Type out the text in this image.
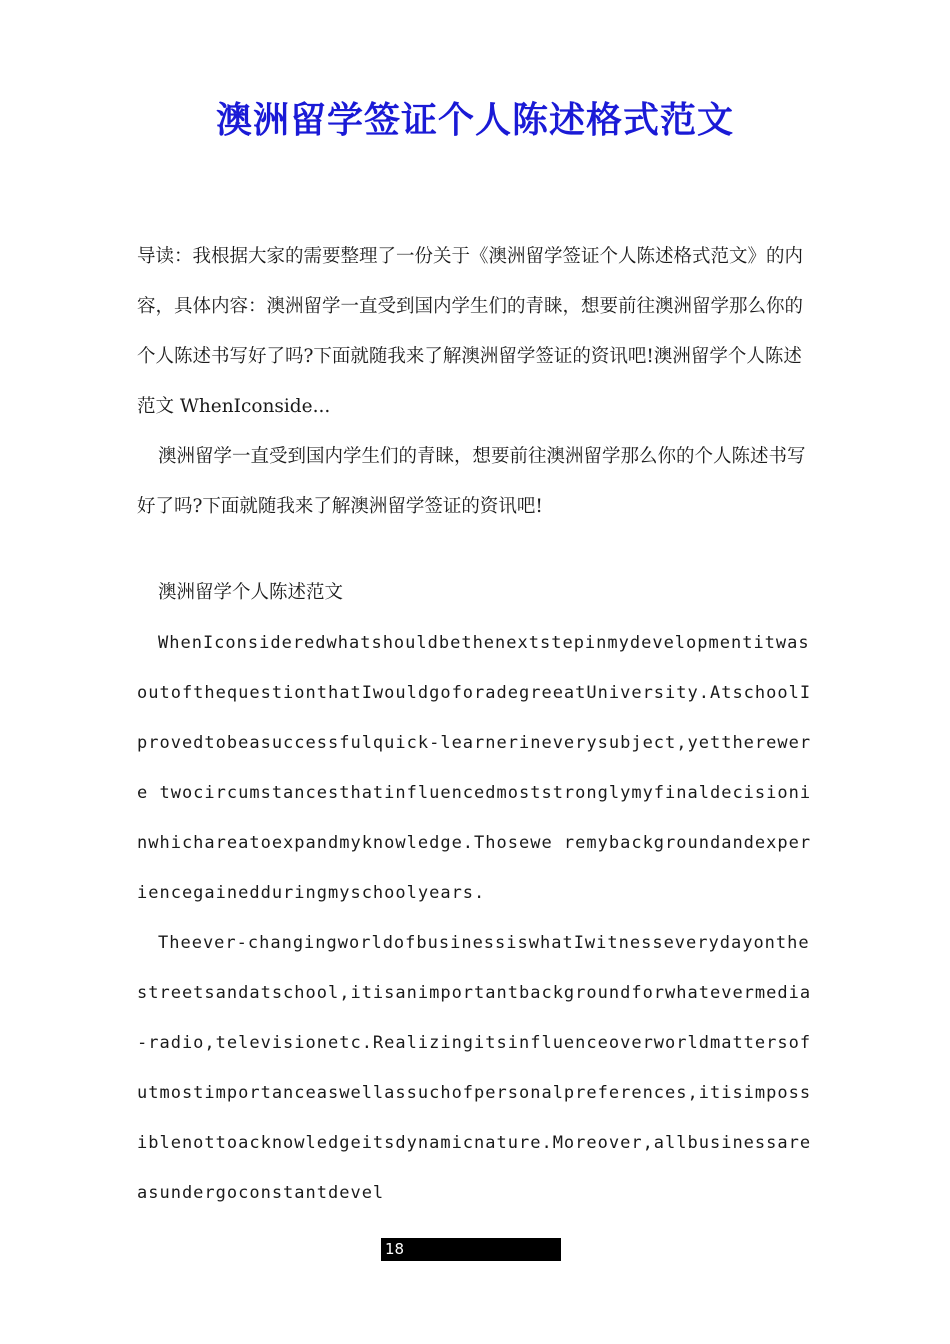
澳洲留学签证个人陈述格式范文

导读：我根据大家的需要整理了一份关于《澳洲留学签证个人陈述格式范文》的内容，具体内容：澳洲留学一直受到国内学生们的青睐，想要前往澳洲留学那么你的个人陈述书写好了吗?下面就随我来了解澳洲留学签证的资讯吧!澳洲留学个人陈述范文 WhenIconside...

澳洲留学一直受到国内学生们的青睐，想要前往澳洲留学那么你的个人陈述书写好了吗?下面就随我来了解澳洲留学签证的资讯吧!

澳洲留学个人陈述范文

WhenIconsideredwhatshouldbethenextstepinmydevelopmentitwasoutofthequestionthatIwouldgoforadegreeatUniversity.AtschoolIprovedtobeasuccessfulquick-learnerineverysubject,yettherewere twocircumstancesthatinfluencedmoststronglymyfinaldecisioninwhichareatoexpandmyknowledge.Thosewe remybackgroundandexperiencegainedduringmyschoolyears.

Theever-changingworldofbusinessiswhatIwitnesseverydayonthestreetsandatschool,itisanimportantbackgroundforwhatevermedia-radio,televisionetc.Realizingitsinfluenceoverworldmattersofutmostimportanceaswellassuchofpersonalpreferences,itisimpossiblenottoacknowledgeitsdynamicnature.Moreover,allbusinessareasundergoconstantdevel

18
